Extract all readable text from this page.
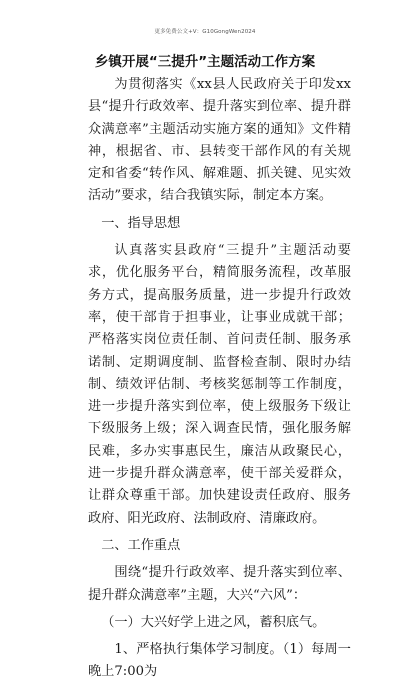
更多免费公文+V：G10GongWen2024
乡镇开展“三提升”主题活动工作方案

为贯彻落实《xx县人民政府关于印发xx县“提升行政效率、提升落实到位率、提升群众满意率”主题活动实施方案的通知》文件精神，根据省、市、县转变干部作风的有关规定和省委“转作风、解难题、抓关键、见实效活动”要求，结合我镇实际，制定本方案。

一、指导思想

认真落实县政府“三提升”主题活动要求，优化服务平台，精简服务流程，改革服务方式，提高服务质量，进一步提升行政效率，使干部肯于担事业，让事业成就干部；严格落实岗位责任制、首问责任制、服务承诺制、定期调度制、监督检查制、限时办结制、绩效评估制、考核奖惩制等工作制度，进一步提升落实到位率，使上级服务下级让下级服务上级；深入调查民情，强化服务解民难，多办实事惠民生，廉洁从政聚民心，进一步提升群众满意率，使干部关爱群众，让群众尊重干部。加快建设责任政府、服务政府、阳光政府、法制政府、清廉政府。

二、工作重点

围绕“提升行政效率、提升落实到位率、提升群众满意率”主题，大兴“六风”：

（一）大兴好学上进之风，蓄积底气。

1、严格执行集体学习制度。（1）每周一晚上7:00为
